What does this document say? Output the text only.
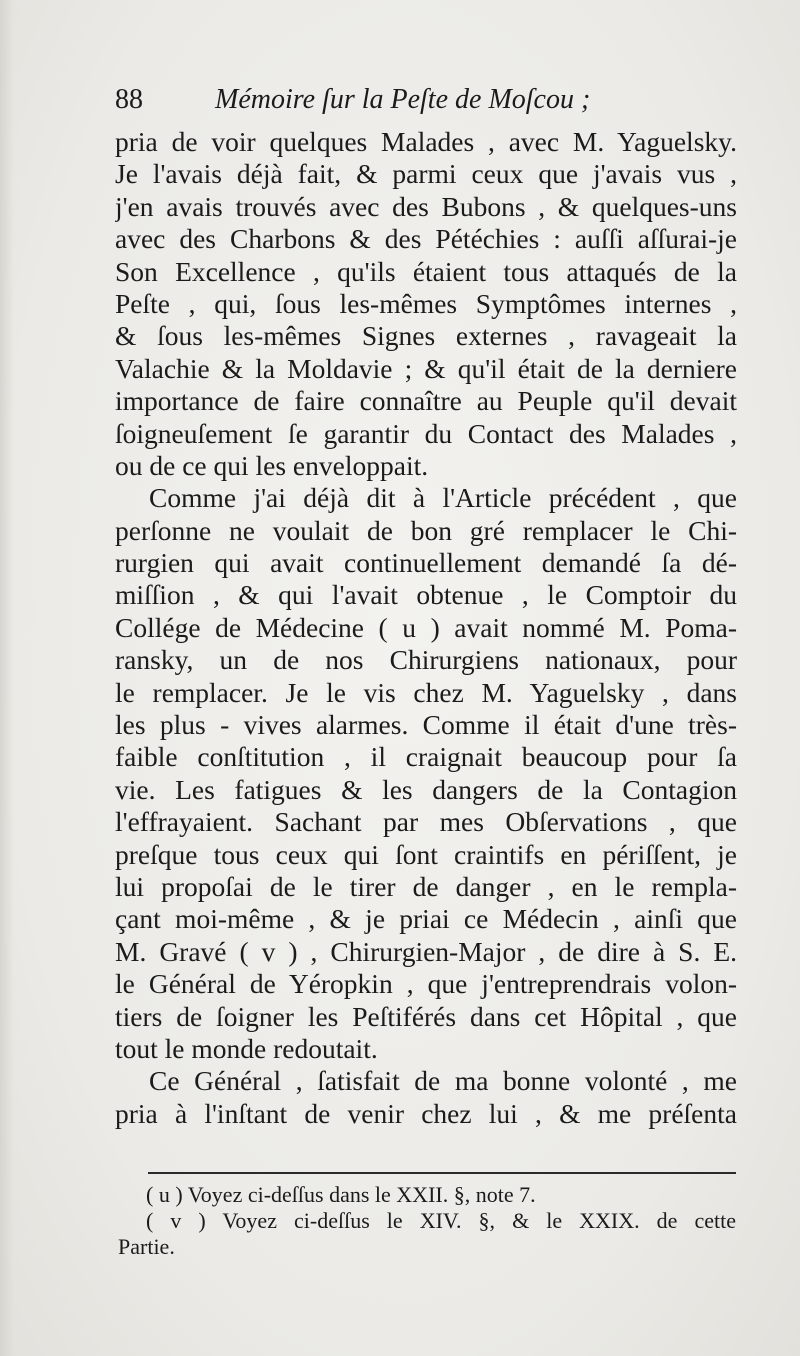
88	Mémoire ſur la Peſte de Moſcou ;
pria de voir quelques Malades , avec M. Yaguelsky.
Je l'avais déjà fait, & parmi ceux que j'avais vus ,
j'en avais trouvés avec des Bubons , & quelques-uns
avec des Charbons & des Pétéchies : auſſi aſſurai-je
Son Excellence , qu'ils étaient tous attaqués de la
Peſte , qui, ſous les-mêmes Symptômes internes ,
& ſous les-mêmes Signes externes , ravageait la
Valachie & la Moldavie ; & qu'il était de la derniere
importance de faire connaître au Peuple qu'il devait
ſoigneuſement ſe garantir du Contact des Malades ,
ou de ce qui les enveloppait.
Comme j'ai déjà dit à l'Article précédent , que
perſonne ne voulait de bon gré remplacer le Chi-
rurgien qui avait continuellement demandé ſa dé-
miſſion , & qui l'avait obtenue , le Comptoir du
Collége de Médecine ( u ) avait nommé M. Poma-
ransky, un de nos Chirurgiens nationaux, pour
le remplacer. Je le vis chez M. Yaguelsky , dans
les plus - vives alarmes. Comme il était d'une très-
faible conſtitution , il craignait beaucoup pour ſa
vie. Les fatigues & les dangers de la Contagion
l'effrayaient. Sachant par mes Obſervations , que
preſque tous ceux qui ſont craintifs en périſſent, je
lui propoſai de le tirer de danger , en le rempla-
çant moi-même , & je priai ce Médecin , ainſi que
M. Gravé ( v ) , Chirurgien-Major , de dire à S. E.
le Général de Yéropkin , que j'entreprendrais volon-
tiers de ſoigner les Peſtiférés dans cet Hôpital , que
tout le monde redoutait.
Ce Général , ſatisfait de ma bonne volonté , me
pria à l'inſtant de venir chez lui , & me préſenta
( u ) Voyez ci-deſſus dans le XXII. §, note 7.
( v ) Voyez ci-deſſus le XIV. §, & le XXIX. de cette
Partie.
